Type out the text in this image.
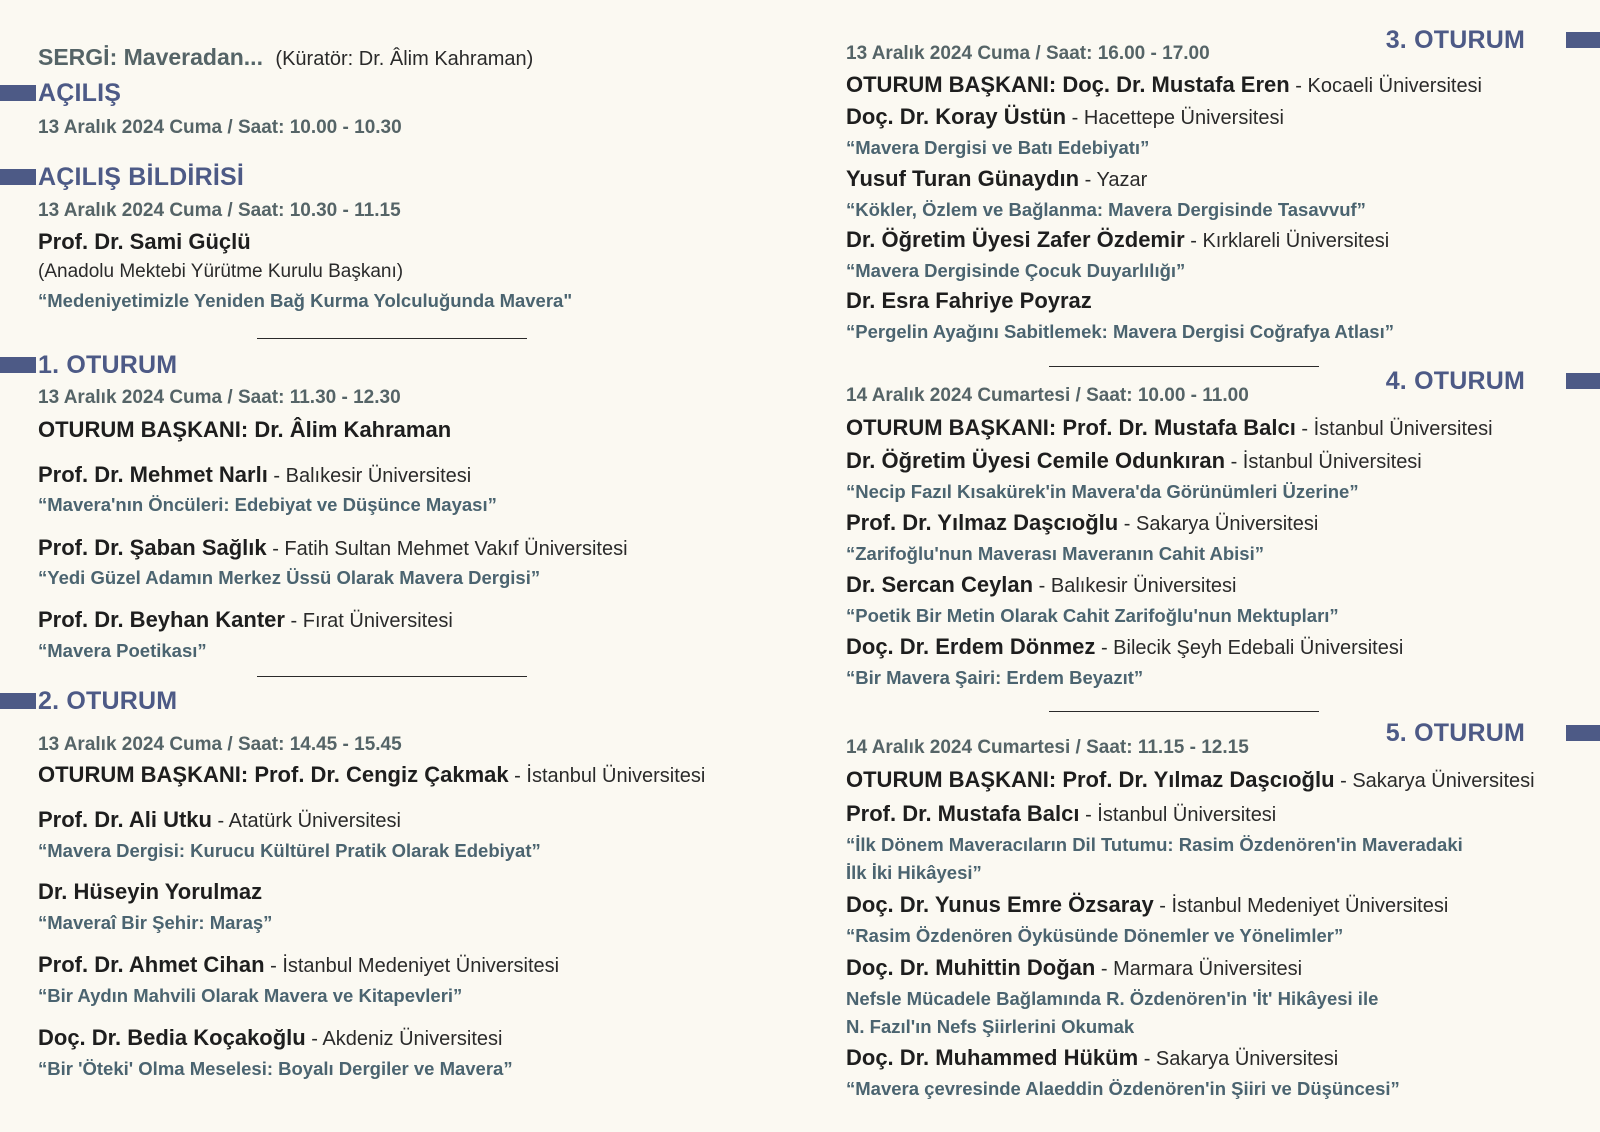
SERGİ: Maveradan... (Küratör: Dr. Âlim Kahraman)
AÇILIŞ
13 Aralık 2024 Cuma / Saat: 10.00 - 10.30
AÇILIŞ BİLDİRİSİ
13 Aralık 2024 Cuma / Saat: 10.30 - 11.15
Prof. Dr. Sami Güçlü
(Anadolu Mektebi Yürütme Kurulu Başkanı)
“Medeniyetimizle Yeniden Bağ Kurma Yolculuğunda Mavera"
1. OTURUM
13 Aralık 2024 Cuma / Saat: 11.30 - 12.30
OTURUM BAŞKANI: Dr. Âlim Kahraman
Prof. Dr. Mehmet Narlı - Balıkesir Üniversitesi
“Mavera'nın Öncüleri: Edebiyat ve Düşünce Mayası”
Prof. Dr. Şaban Sağlık - Fatih Sultan Mehmet Vakıf Üniversitesi
“Yedi Güzel Adamın Merkez Üssü Olarak Mavera Dergisi”
Prof. Dr. Beyhan Kanter - Fırat Üniversitesi
“Mavera Poetikası”
2. OTURUM
13 Aralık 2024 Cuma / Saat: 14.45 - 15.45
OTURUM BAŞKANI: Prof. Dr. Cengiz Çakmak - İstanbul Üniversitesi
Prof. Dr. Ali Utku - Atatürk Üniversitesi
“Mavera Dergisi: Kurucu Kültürel Pratik Olarak Edebiyat”
Dr. Hüseyin Yorulmaz
“Maveraî Bir Şehir: Maraş”
Prof. Dr. Ahmet Cihan - İstanbul Medeniyet Üniversitesi
“Bir Aydın Mahvili Olarak Mavera ve Kitapevleri”
Doç. Dr. Bedia Koçakoğlu - Akdeniz Üniversitesi
“Bir 'Öteki' Olma Meselesi: Boyalı Dergiler ve Mavera”
3. OTURUM
13 Aralık 2024 Cuma / Saat: 16.00 - 17.00
OTURUM BAŞKANI: Doç. Dr. Mustafa Eren - Kocaeli Üniversitesi
Doç. Dr. Koray Üstün - Hacettepe Üniversitesi
“Mavera Dergisi ve Batı Edebiyatı”
Yusuf Turan Günaydın - Yazar
“Kökler, Özlem ve Bağlanma: Mavera Dergisinde Tasavvuf”
Dr. Öğretim Üyesi Zafer Özdemir - Kırklareli Üniversitesi
“Mavera Dergisinde Çocuk Duyarlılığı”
Dr. Esra Fahriye Poyraz
“Pergelin Ayağını Sabitlemek: Mavera Dergisi Coğrafya Atlası”
4. OTURUM
14 Aralık 2024 Cumartesi / Saat: 10.00 - 11.00
OTURUM BAŞKANI: Prof. Dr. Mustafa Balcı - İstanbul Üniversitesi
Dr. Öğretim Üyesi Cemile Odunkıran - İstanbul Üniversitesi
“Necip Fazıl Kısakürek'in Mavera'da Görünümleri Üzerine”
Prof. Dr. Yılmaz Daşcıoğlu - Sakarya Üniversitesi
“Zarifoğlu'nun Maverası Maveranın Cahit Abisi”
Dr. Sercan Ceylan - Balıkesir Üniversitesi
“Poetik Bir Metin Olarak Cahit Zarifoğlu'nun Mektupları”
Doç. Dr. Erdem Dönmez - Bilecik Şeyh Edebali Üniversitesi
“Bir Mavera Şairi: Erdem Beyazıt”
5. OTURUM
14 Aralık 2024 Cumartesi / Saat: 11.15 - 12.15
OTURUM BAŞKANI: Prof. Dr. Yılmaz Daşcıoğlu - Sakarya Üniversitesi
Prof. Dr. Mustafa Balcı - İstanbul Üniversitesi
“İlk Dönem Maveracıların Dil Tutumu: Rasim Özdenören'in Maveradaki
İlk İki Hikâyesi”
Doç. Dr. Yunus Emre Özsaray - İstanbul Medeniyet Üniversitesi
“Rasim Özdenören Öyküsünde Dönemler ve Yönelimler”
Doç. Dr. Muhittin Doğan - Marmara Üniversitesi
Nefsle Mücadele Bağlamında R. Özdenören'in 'İt' Hikâyesi ile
N. Fazıl'ın Nefs Şiirlerini Okumak
Doç. Dr. Muhammed Hüküm - Sakarya Üniversitesi
“Mavera çevresinde Alaeddin Özdenören'in Şiiri ve Düşüncesi”
